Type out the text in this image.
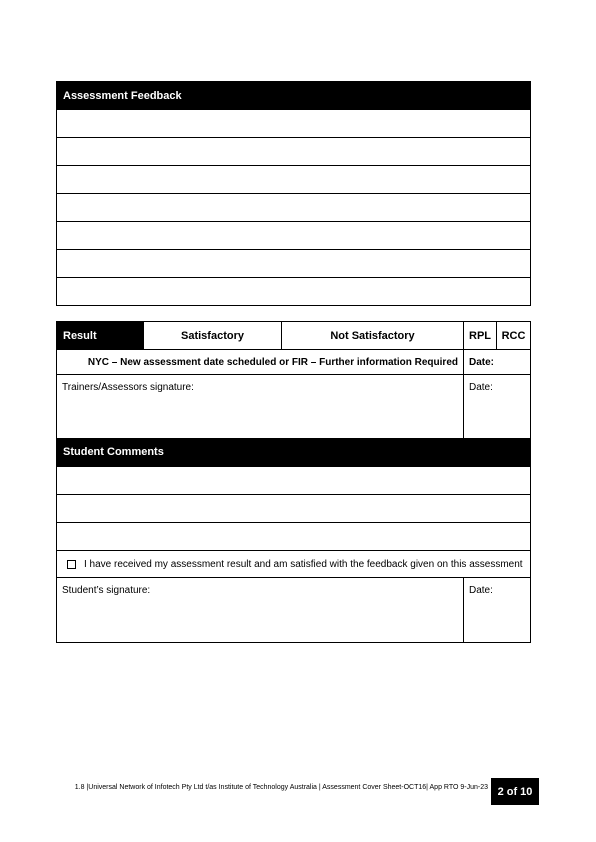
Assessment Feedback
Result	Satisfactory	Not Satisfactory	RPL RCC
NYC – New assessment date scheduled or FIR – Further information Required	Date:
Trainers/Assessors signature:	Date:
Student Comments
I have received my assessment result and am satisfied with the feedback given on this assessment
Student’s signature:	Date:
1.8 |Universal Network of Infotech Pty Ltd t/as Institute of Technology Australia | Assessment Cover Sheet-OCT16| App RTO 9-Jun-23 2 of 10
